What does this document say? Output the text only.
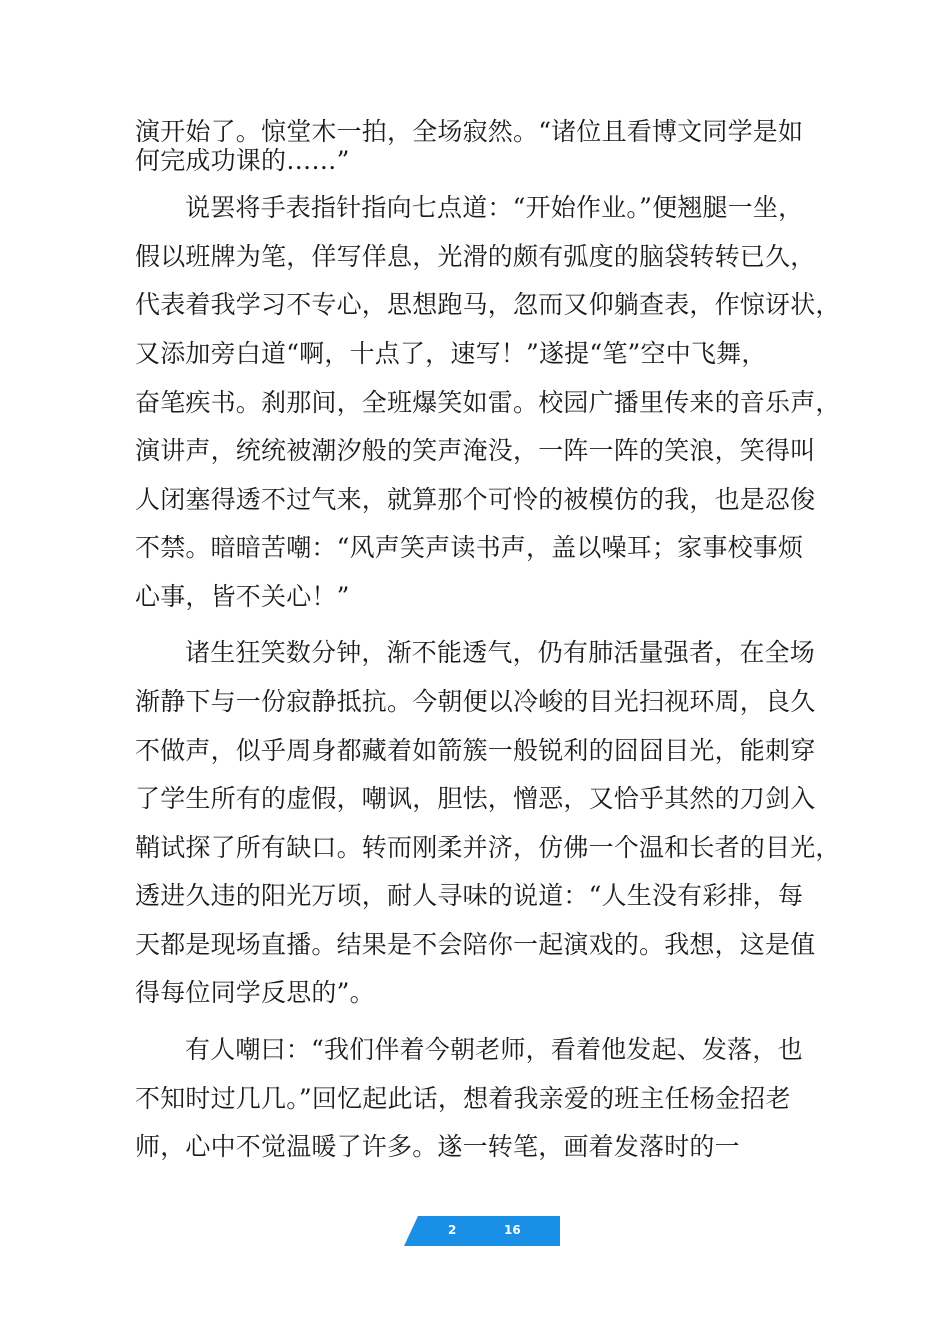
演开始了。惊堂木一拍，全场寂然。“诸位且看博文同学是如
何完成功课的……”
说罢将手表指针指向七点道：“开始作业。”便翘腿一坐，
假以班牌为笔，佯写佯息，光滑的颇有弧度的脑袋转转已久，
代表着我学习不专心，思想跑马，忽而又仰躺查表，作惊讶状，
又添加旁白道“啊，十点了，速写！”遂提“笔”空中飞舞，
奋笔疾书。刹那间，全班爆笑如雷。校园广播里传来的音乐声，
演讲声，统统被潮汐般的笑声淹没，一阵一阵的笑浪，笑得叫
人闭塞得透不过气来，就算那个可怜的被模仿的我，也是忍俊
不禁。暗暗苦嘲：“风声笑声读书声，盖以噪耳；家事校事烦
心事，皆不关心！”
诸生狂笑数分钟，渐不能透气，仍有肺活量强者，在全场
渐静下与一份寂静抵抗。今朝便以冷峻的目光扫视环周，良久
不做声，似乎周身都藏着如箭簇一般锐利的囧囧目光，能刺穿
了学生所有的虚假，嘲讽，胆怯，憎恶，又恰乎其然的刀剑入
鞘试探了所有缺口。转而刚柔并济，仿佛一个温和长者的目光，
透进久违的阳光万顷，耐人寻味的说道：“人生没有彩排，每
天都是现场直播。结果是不会陪你一起演戏的。我想，这是值
得每位同学反思的”。
有人嘲曰：“我们伴着今朝老师，看着他发起、发落，也
不知时过几几。”回忆起此话，想着我亲爱的班主任杨金招老
师，心中不觉温暖了许多。遂一转笔，画着发落时的一
2	16
